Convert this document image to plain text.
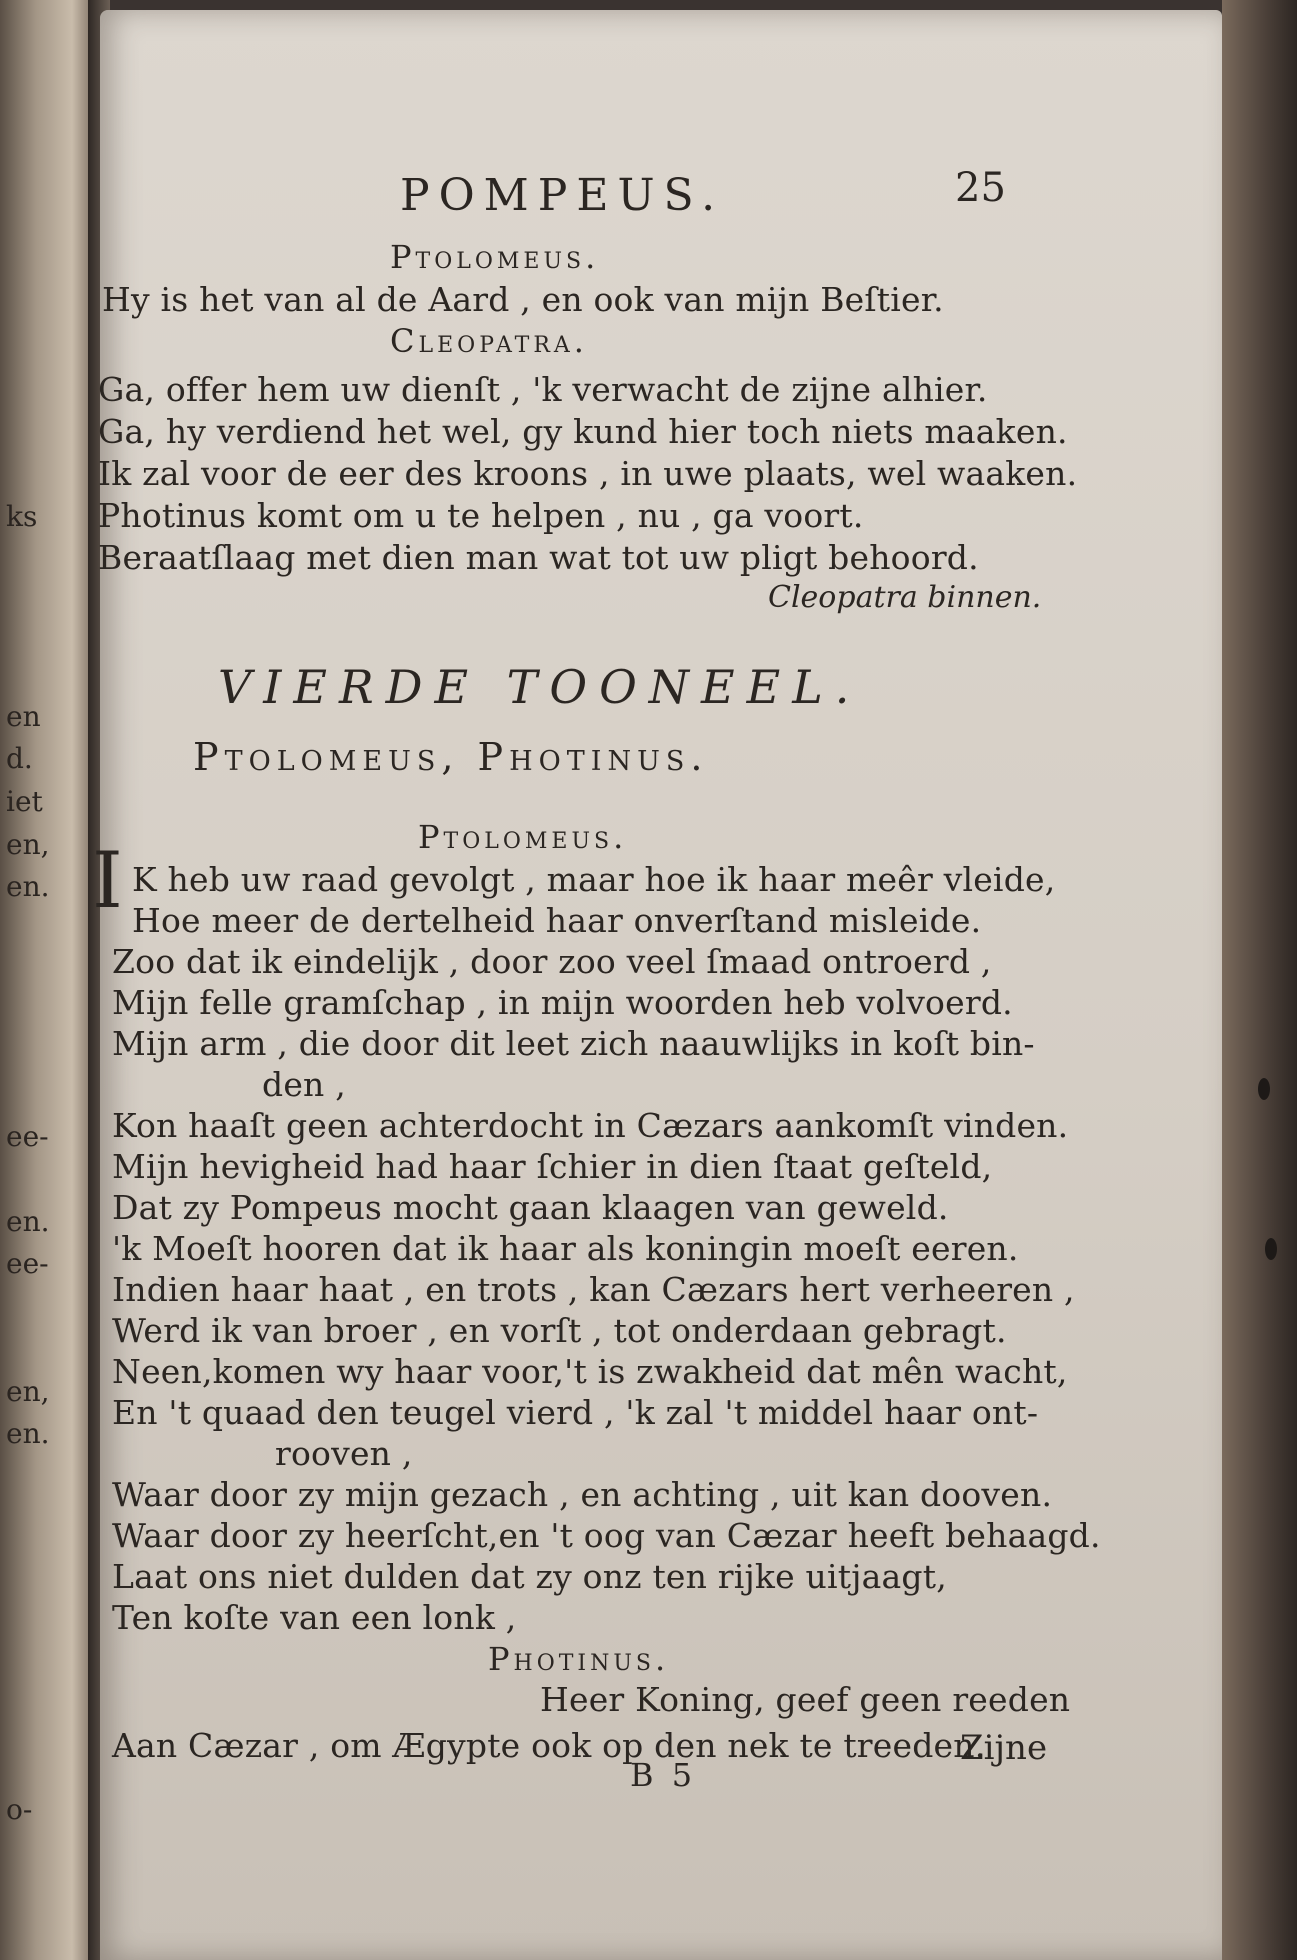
ks
en
d.
iet
en,
en.
ee-
en.
ee-
en,
en.
o-
POMPEUS.	25
Ptolomeus.
Hy is het van al de Aard , en ook van mijn Beſtier.
Cleopatra.
Ga, offer hem uw dienſt , 'k verwacht de zijne alhier.
Ga, hy verdiend het wel, gy kund hier toch niets maaken.
Ik zal voor de eer des kroons , in uwe plaats, wel waaken.
Photinus komt om u te helpen , nu , ga voort.
Beraatſlaag met dien man wat tot uw pligt behoord.
Cleopatra binnen.
VIERDE TOONEEL.
Ptolomeus, Photinus.
Ptolomeus.
I K heb uw raad gevolgt , maar hoe ik haar meêr vleide,
Hoe meer de dertelheid haar onverſtand misleide.
Zoo dat ik eindelijk , door zoo veel ſmaad ontroerd ,
Mijn felle gramſchap , in mijn woorden heb volvoerd.
Mijn arm , die door dit leet zich naauwlijks in koſt bin-
den ,
Kon haaſt geen achterdocht in Cæzars aankomſt vinden.
Mijn hevigheid had haar ſchier in dien ſtaat geſteld,
Dat zy Pompeus mocht gaan klaagen van geweld.
'k Moeſt hooren dat ik haar als koningin moeſt eeren.
Indien haar haat , en trots , kan Cæzars hert verheeren ,
Werd ik van broer , en vorſt , tot onderdaan gebragt.
Neen,komen wy haar voor,'t is zwakheid dat mên wacht,
En 't quaad den teugel vierd , 'k zal 't middel haar ont-
rooven ,
Waar door zy mijn gezach , en achting , uit kan dooven.
Waar door zy heerſcht,en 't oog van Cæzar heeft behaagd.
Laat ons niet dulden dat zy onz ten rijke uitjaagt,
Ten koſte van een lonk ,
Photinus.
Heer Koning, geef geen reeden
Aan Cæzar , om Ægypte ook op den nek te treeden.
Zijne
B 5
